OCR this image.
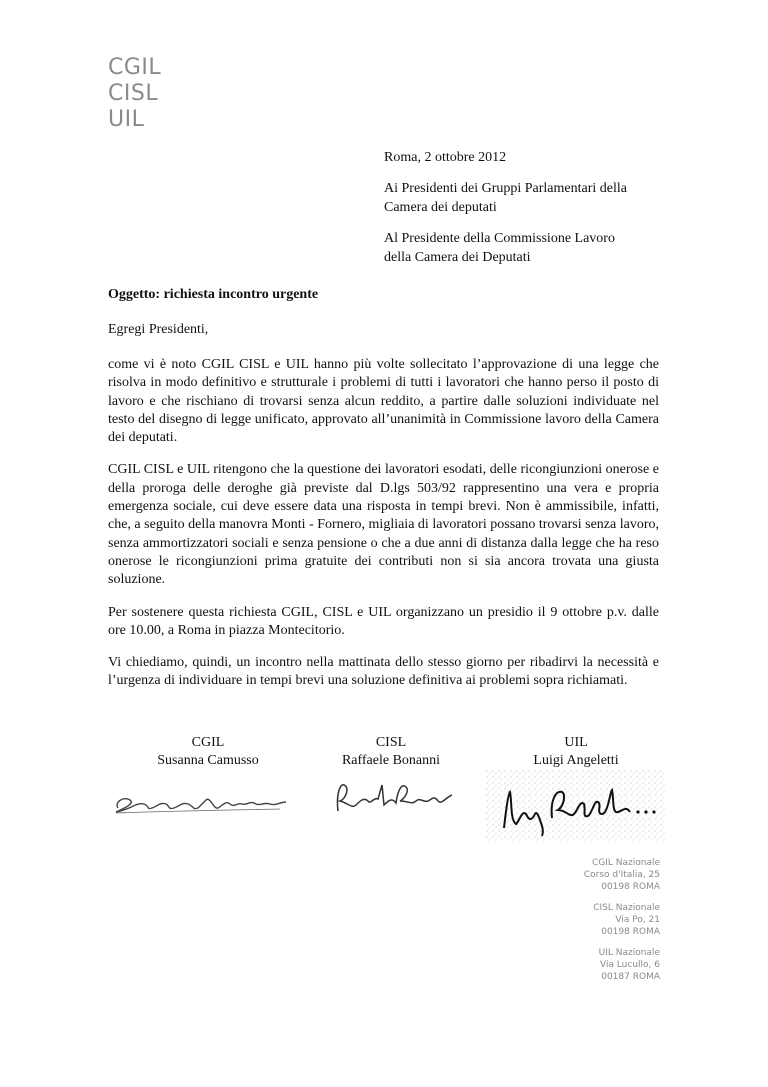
CGIL
CISL
UIL
Roma, 2 ottobre 2012
Ai Presidenti dei Gruppi Parlamentari della
Camera dei deputati
Al Presidente della Commissione Lavoro
della Camera dei Deputati
Oggetto: richiesta incontro urgente
Egregi Presidenti,

come vi è noto CGIL CISL e UIL hanno più volte sollecitato l’approvazione di una legge che risolva in modo definitivo e strutturale i problemi di tutti i lavoratori che hanno perso il posto di lavoro e che rischiano di trovarsi senza alcun reddito, a partire dalle soluzioni individuate nel testo del disegno di legge unificato, approvato all’unanimità in Commissione lavoro della Camera dei deputati.

CGIL CISL e UIL ritengono che la questione dei lavoratori esodati, delle ricongiunzioni onerose e della proroga delle deroghe già previste dal D.lgs 503/92 rappresentino una vera e propria emergenza sociale, cui deve essere data una risposta in tempi brevi. Non è ammissibile, infatti, che, a seguito della manovra Monti - Fornero, migliaia di lavoratori possano trovarsi senza lavoro, senza ammortizzatori sociali e senza pensione o che a due anni di distanza dalla legge che ha reso onerose le ricongiunzioni prima gratuite dei contributi non si sia ancora trovata una giusta soluzione.

Per sostenere questa richiesta CGIL, CISL e UIL organizzano un presidio il 9 ottobre p.v. dalle ore 10.00, a Roma in piazza Montecitorio.

Vi chiediamo, quindi, un incontro nella mattinata dello stesso giorno per ribadirvi la necessità e l’urgenza di individuare in tempi brevi una soluzione definitiva ai problemi sopra richiamati.

CGIL
Susanna Camusso
CISL
Raffaele Bonanni
UIL
Luigi Angeletti
CGIL Nazionale
Corso d'Italia, 25
00198 ROMA
CISL Nazionale
Via Po, 21
00198 ROMA
UIL Nazionale
Via Lucullo, 6
00187 ROMA
